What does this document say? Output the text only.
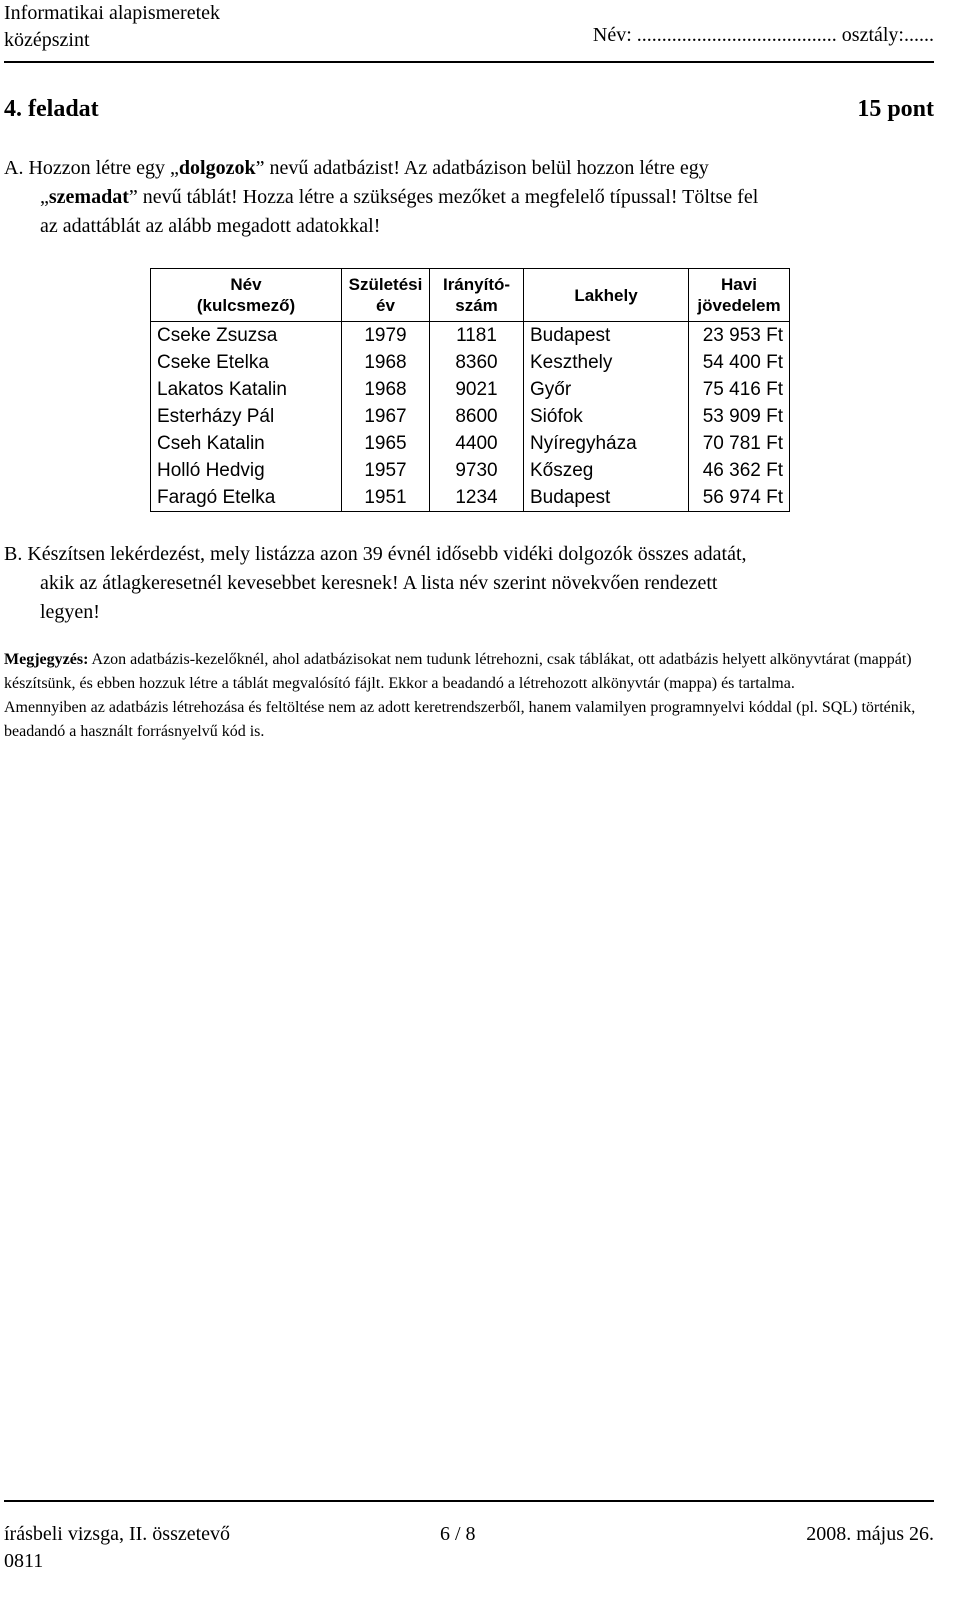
Informatikai alapismeretek
középszint	Név: ........................................ osztály:......
4. feladat	15 pont
A. Hozzon létre egy „dolgozok” nevű adatbázist! Az adatbázison belül hozzon létre egy
„szemadat” nevű táblát! Hozza létre a szükséges mezőket a megfelelő típussal! Töltse fel
az adattáblát az alább megadott adatokkal!
Név
(kulcsmező)	Születési
év	Irányító-
szám	Lakhely	Havi
jövedelem
Cseke Zsuzsa	1979	1181	Budapest	23 953 Ft
Cseke Etelka	1968	8360	Keszthely	54 400 Ft
Lakatos Katalin	1968	9021	Győr	75 416 Ft
Esterházy Pál	1967	8600	Siófok	53 909 Ft
Cseh Katalin	1965	4400	Nyíregyháza	70 781 Ft
Holló Hedvig	1957	9730	Kőszeg	46 362 Ft
Faragó Etelka	1951	1234	Budapest	56 974 Ft
B. Készítsen lekérdezést, mely listázza azon 39 évnél idősebb vidéki dolgozók összes adatát,
akik az átlagkeresetnél kevesebbet keresnek! A lista név szerint növekvően rendezett
legyen!
Megjegyzés: Azon adatbázis-kezelőknél, ahol adatbázisokat nem tudunk létrehozni, csak táblákat, ott adatbázis helyett alkönyvtárat (mappát) készítsünk, és ebben hozzuk létre a táblát megvalósító fájlt. Ekkor a beadandó a létrehozott alkönyvtár (mappa) és tartalma.
Amennyiben az adatbázis létrehozása és feltöltése nem az adott keretrendszerből, hanem valamilyen programnyelvi kóddal (pl. SQL) történik, beadandó a használt forrásnyelvű kód is.
írásbeli vizsga, II. összetevő
0811
6 / 8	2008. május 26.
